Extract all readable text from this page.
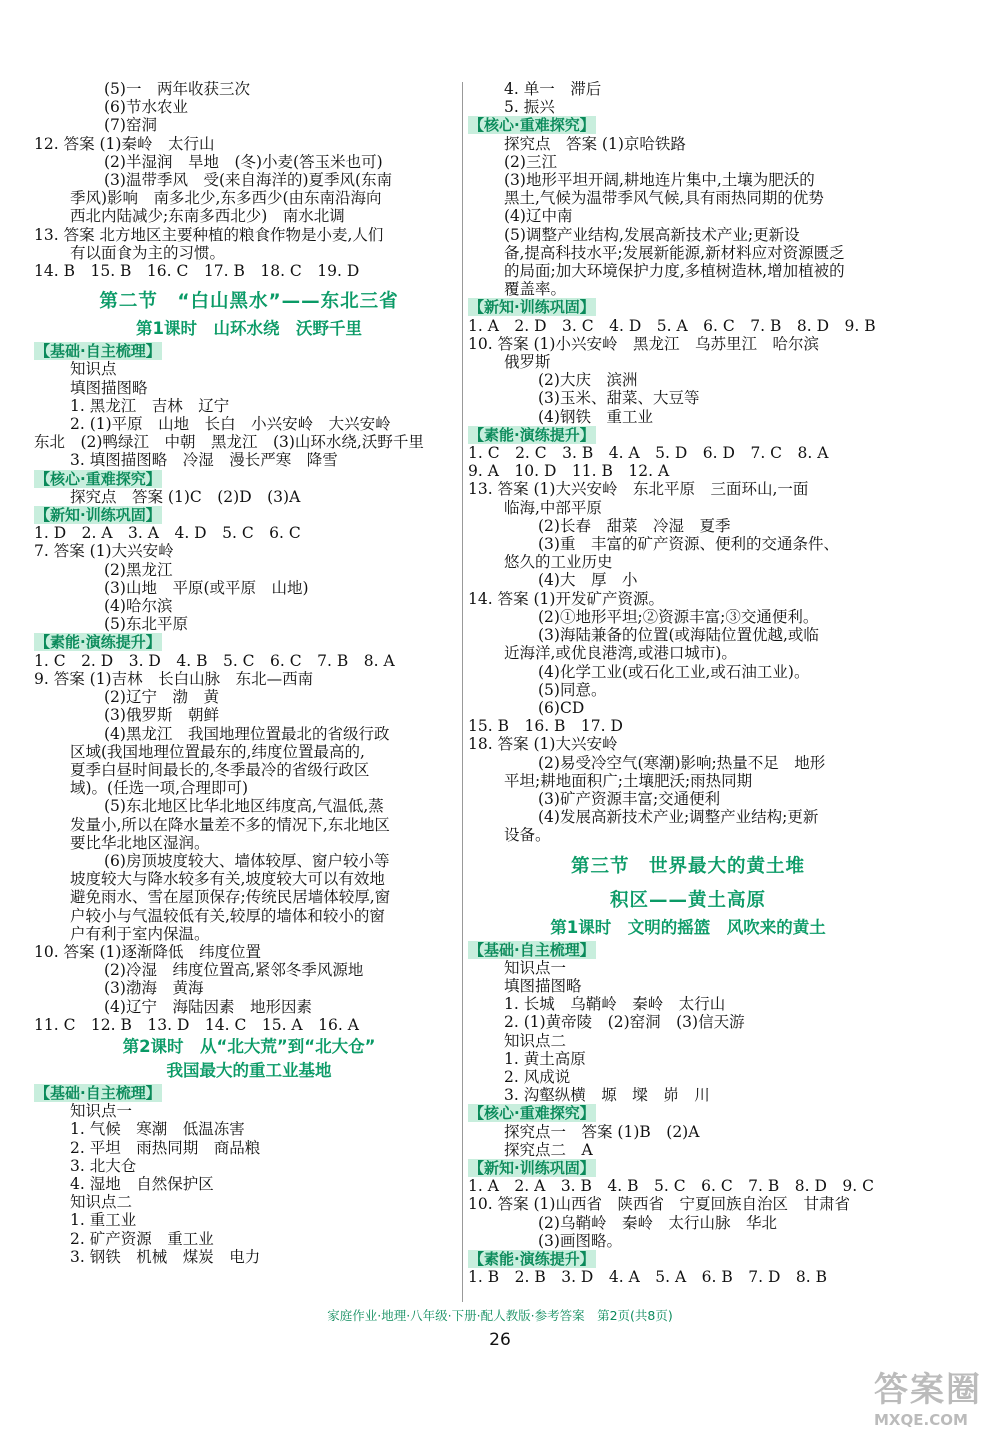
(5)一　两年收获三次
(6)节水农业
(7)窑洞
12. 答案 (1)秦岭　太行山
(2)半湿润　旱地　(冬)小麦(答玉米也可)
(3)温带季风　受(来自海洋的)夏季风(东南
季风)影响　南多北少,东多西少(由东南沿海向
西北内陆减少;东南多西北少)　南水北调
13. 答案 北方地区主要种植的粮食作物是小麦,人们
有以面食为主的习惯。
14. B　15. B　16. C　17. B　18. C　19. D
第二节　“白山黑水”——东北三省
第1课时　山环水绕　沃野千里
【基础·自主梳理】
知识点
填图描图略
1. 黑龙江　吉林　辽宁
2. (1)平原　山地　长白　小兴安岭　大兴安岭
东北　(2)鸭绿江　中朝　黑龙江　(3)山环水绕,沃野千里
3. 填图描图略　冷湿　漫长严寒　降雪
【核心·重难探究】
探究点　答案 (1)C　(2)D　(3)A
【新知·训练巩固】
1. D　2. A　3. A　4. D　5. C　6. C
7. 答案 (1)大兴安岭
(2)黑龙江
(3)山地　平原(或平原　山地)
(4)哈尔滨
(5)东北平原
【素能·演练提升】
1. C　2. D　3. D　4. B　5. C　6. C　7. B　8. A
9. 答案 (1)吉林　长白山脉　东北—西南
(2)辽宁　渤　黄
(3)俄罗斯　朝鲜
(4)黑龙江　我国地理位置最北的省级行政
区域(我国地理位置最东的,纬度位置最高的,
夏季白昼时间最长的,冬季最冷的省级行政区
域)。(任选一项,合理即可)
(5)东北地区比华北地区纬度高,气温低,蒸
发量小,所以在降水量差不多的情况下,东北地区
要比华北地区湿润。
(6)房顶坡度较大、墙体较厚、窗户较小等
坡度较大与降水较多有关,坡度较大可以有效地
避免雨水、雪在屋顶保存;传统民居墙体较厚,窗
户较小与气温较低有关,较厚的墙体和较小的窗
户有利于室内保温。
10. 答案 (1)逐渐降低　纬度位置
(2)冷湿　纬度位置高,紧邻冬季风源地
(3)渤海　黄海
(4)辽宁　海陆因素　地形因素
11. C　12. B　13. D　14. C　15. A　16. A
第2课时　从“北大荒”到“北大仓”
我国最大的重工业基地
【基础·自主梳理】
知识点一
1. 气候　寒潮　低温冻害
2. 平坦　雨热同期　商品粮
3. 北大仓
4. 湿地　自然保护区
知识点二
1. 重工业
2. 矿产资源　重工业
3. 钢铁　机械　煤炭　电力
4. 单一　滞后
5. 振兴
【核心·重难探究】
探究点　答案 (1)京哈铁路
(2)三江
(3)地形平坦开阔,耕地连片集中,土壤为肥沃的
黑土,气候为温带季风气候,具有雨热同期的优势
(4)辽中南
(5)调整产业结构,发展高新技术产业;更新设
备,提高科技水平;发展新能源,新材料应对资源匮乏
的局面;加大环境保护力度,多植树造林,增加植被的
覆盖率。
【新知·训练巩固】
1. A　2. D　3. C　4. D　5. A　6. C　7. B　8. D　9. B
10. 答案 (1)小兴安岭　黑龙江　乌苏里江　哈尔滨
俄罗斯
(2)大庆　滨洲
(3)玉米、甜菜、大豆等
(4)钢铁　重工业
【素能·演练提升】
1. C　2. C　3. B　4. A　5. D　6. D　7. C　8. A
9. A　10. D　11. B　12. A
13. 答案 (1)大兴安岭　东北平原　三面环山,一面
临海,中部平原
(2)长春　甜菜　冷湿　夏季
(3)重　丰富的矿产资源、便利的交通条件、
悠久的工业历史
(4)大　厚　小
14. 答案 (1)开发矿产资源。
(2)①地形平坦;②资源丰富;③交通便利。
(3)海陆兼备的位置(或海陆位置优越,或临
近海洋,或优良港湾,或港口城市)。
(4)化学工业(或石化工业,或石油工业)。
(5)同意。
(6)CD
15. B　16. B　17. D
18. 答案 (1)大兴安岭
(2)易受冷空气(寒潮)影响;热量不足　地形
平坦;耕地面积广;土壤肥沃;雨热同期
(3)矿产资源丰富;交通便利
(4)发展高新技术产业;调整产业结构;更新
设备。
第三节　世界最大的黄土堆
积区——黄土高原
第1课时　文明的摇篮　风吹来的黄土
【基础·自主梳理】
知识点一
填图描图略
1. 长城　乌鞘岭　秦岭　太行山
2. (1)黄帝陵　(2)窑洞　(3)信天游
知识点二
1. 黄土高原
2. 风成说
3. 沟壑纵横　塬　墚　峁　川
【核心·重难探究】
探究点一　答案 (1)B　(2)A
探究点二　A
【新知·训练巩固】
1. A　2. A　3. B　4. B　5. C　6. C　7. B　8. D　9. C
10. 答案 (1)山西省　陕西省　宁夏回族自治区　甘肃省
(2)乌鞘岭　秦岭　太行山脉　华北
(3)画图略。
【素能·演练提升】
1. B　2. B　3. D　4. A　5. A　6. B　7. D　8. B
家庭作业·地理·八年级·下册·配人教版·参考答案　第2页(共8页)
26
答案圈
MXQE.COM
